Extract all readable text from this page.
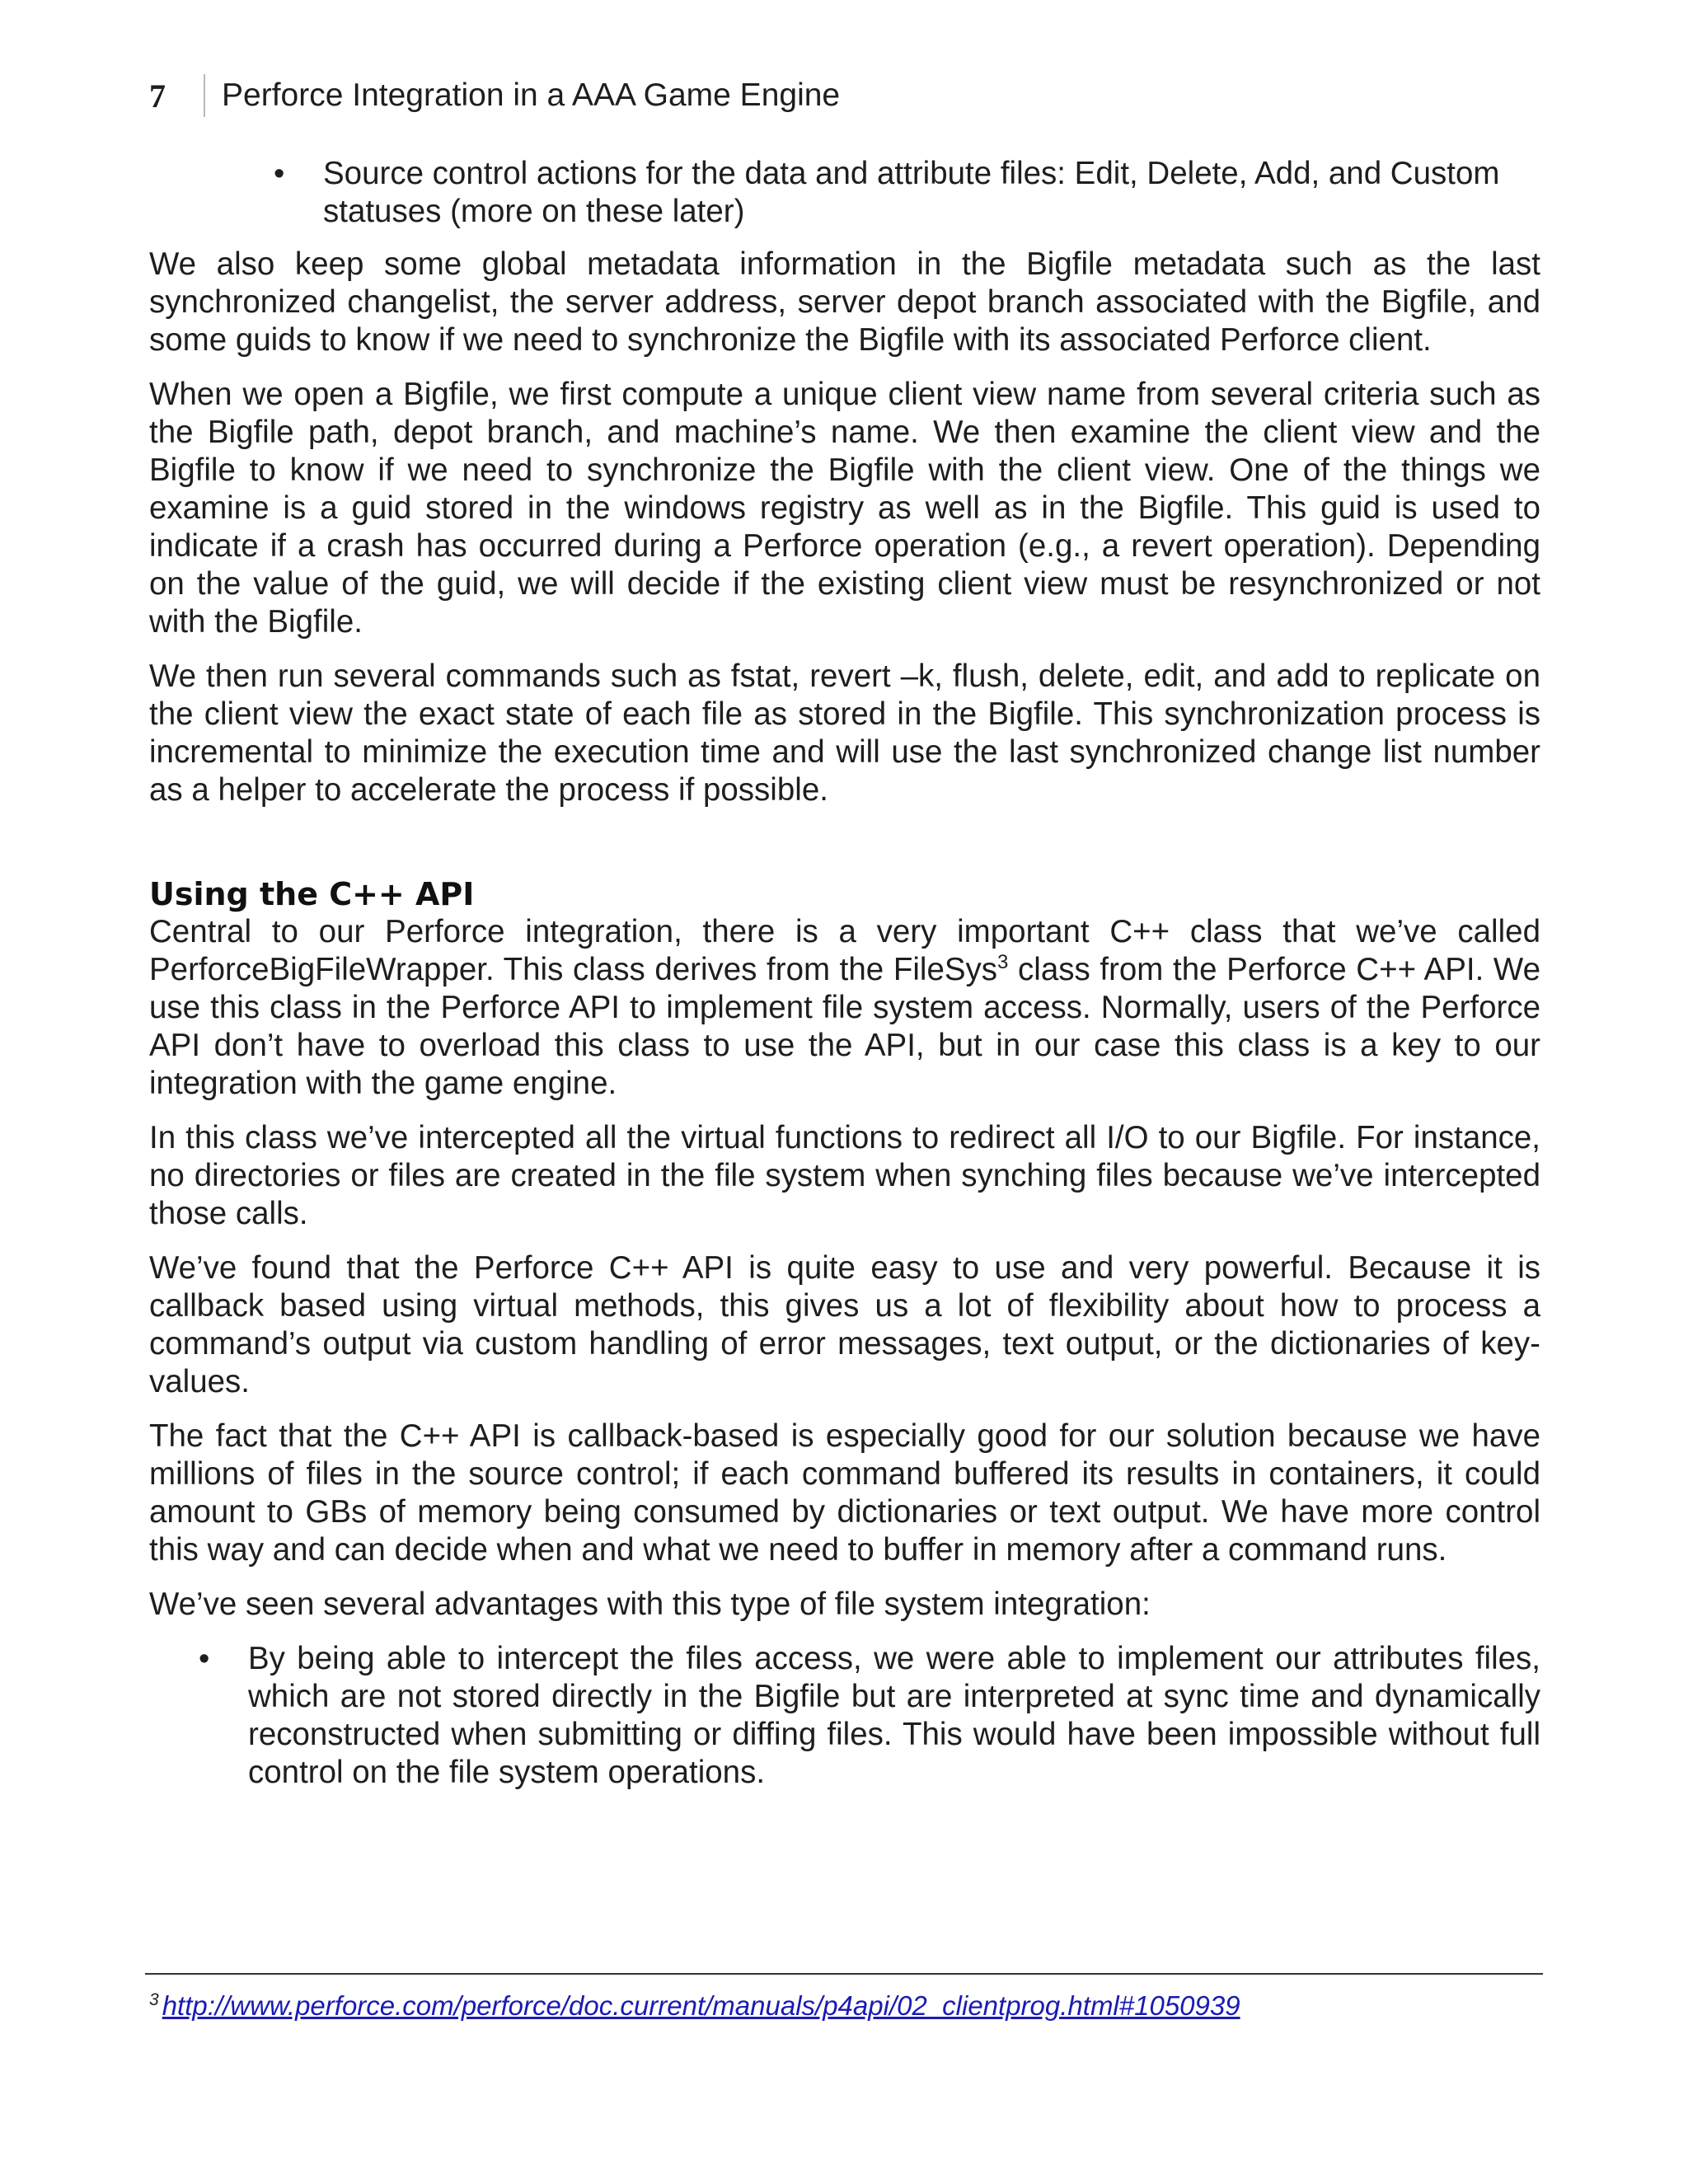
7	Perforce Integration in a AAA Game Engine
• Source control actions for the data and attribute files: Edit, Delete, Add, and Custom statuses (more on these later)

We also keep some global metadata information in the Bigfile metadata such as the last synchronized changelist, the server address, server depot branch associated with the Bigfile, and some guids to know if we need to synchronize the Bigfile with its associated Perforce client.

When we open a Bigfile, we first compute a unique client view name from several criteria such as the Bigfile path, depot branch, and machine’s name. We then examine the client view and the Bigfile to know if we need to synchronize the Bigfile with the client view. One of the things we examine is a guid stored in the windows registry as well as in the Bigfile. This guid is used to indicate if a crash has occurred during a Perforce operation (e.g., a revert operation). Depending on the value of the guid, we will decide if the existing client view must be resynchronized or not with the Bigfile.

We then run several commands such as fstat, revert –k, flush, delete, edit, and add to replicate on the client view the exact state of each file as stored in the Bigfile. This synchronization process is incremental to minimize the execution time and will use the last synchronized change list number as a helper to accelerate the process if possible.

Using the C++ API

Central to our Perforce integration, there is a very important C++ class that we’ve called PerforceBigFileWrapper. This class derives from the FileSys$^3$ class from the Perforce C++ API. We use this class in the Perforce API to implement file system access. Normally, users of the Perforce API don’t have to overload this class to use the API, but in our case this class is a key to our integration with the game engine.

In this class we’ve intercepted all the virtual functions to redirect all I/O to our Bigfile. For instance, no directories or files are created in the file system when synching files because we’ve intercepted those calls.

We’ve found that the Perforce C++ API is quite easy to use and very powerful. Because it is callback based using virtual methods, this gives us a lot of flexibility about how to process a command’s output via custom handling of error messages, text output, or the dictionaries of key-values.

The fact that the C++ API is callback-based is especially good for our solution because we have millions of files in the source control; if each command buffered its results in containers, it could amount to GBs of memory being consumed by dictionaries or text output. We have more control this way and can decide when and what we need to buffer in memory after a command runs.

We’ve seen several advantages with this type of file system integration:

• By being able to intercept the files access, we were able to implement our attributes files, which are not stored directly in the Bigfile but are interpreted at sync time and dynamically reconstructed when submitting or diffing files. This would have been impossible without full control on the file system operations.
$^3$ http://www.perforce.com/perforce/doc.current/manuals/p4api/02_clientprog.html#1050939
